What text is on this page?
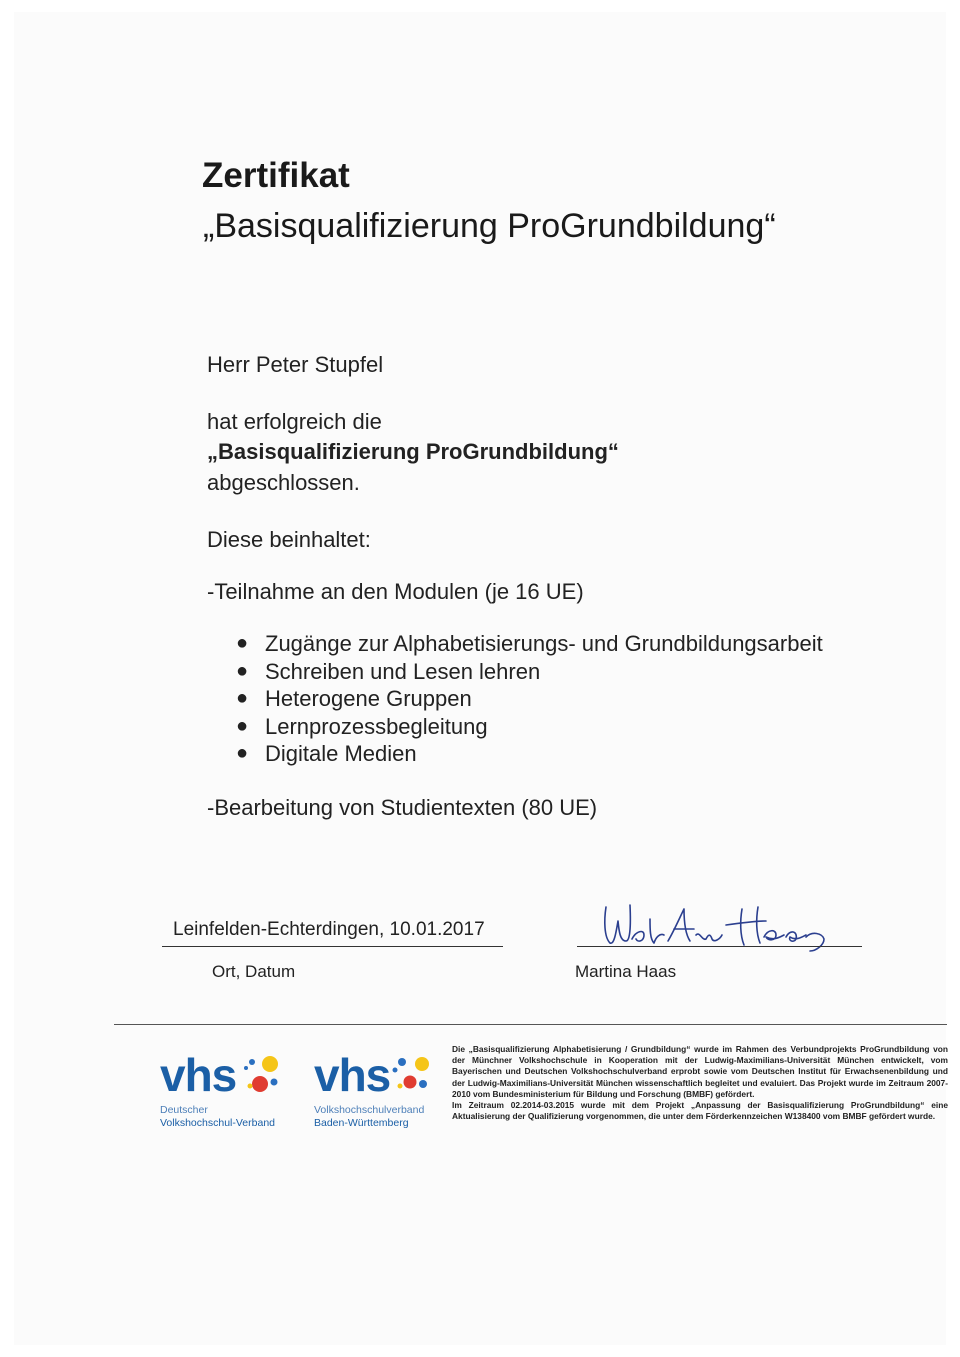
Zertifikat
„Basisqualifizierung ProGrundbildung“

Herr Peter Stupfel

hat erfolgreich die

„Basisqualifizierung ProGrundbildung“

abgeschlossen.

Diese beinhaltet:

-Teilnahme an den Modulen (je 16 UE)

● Zugänge zur Alphabetisierungs- und Grundbildungsarbeit
● Schreiben und Lesen lehren
● Heterogene Gruppen
● Lernprozessbegleitung
● Digitale Medien

-Bearbeitung von Studientexten (80 UE)

Leinfelden-Echterdingen, 10.01.2017
Ort, Datum	Martina Haas
vhs
Deutscher
Volkshochschul-Verband
vhs
Volkshochschulverband
Baden-Württemberg

Die „Basisqualifizierung Alphabetisierung / Grundbildung“ wurde im Rahmen des Verbundprojekts ProGrundbildung von der Münchner Volkshochschule in Kooperation mit der Ludwig-Maximilians-Universität München entwickelt, vom Bayerischen und Deutschen Volkshochschulverband erprobt sowie vom Deutschen Institut für Erwachsenenbildung und der Ludwig-Maximilians-Universität München wissenschaftlich begleitet und evaluiert. Das Projekt wurde im Zeitraum 2007-2010 vom Bundesministerium für Bildung und Forschung (BMBF) gefördert.

Im Zeitraum 02.2014-03.2015 wurde mit dem Projekt „Anpassung der Basisqualifizierung ProGrundbildung“ eine Aktualisierung der Qualifizierung vorgenommen, die unter dem Förderkennzeichen W138400 vom BMBF gefördert wurde.
